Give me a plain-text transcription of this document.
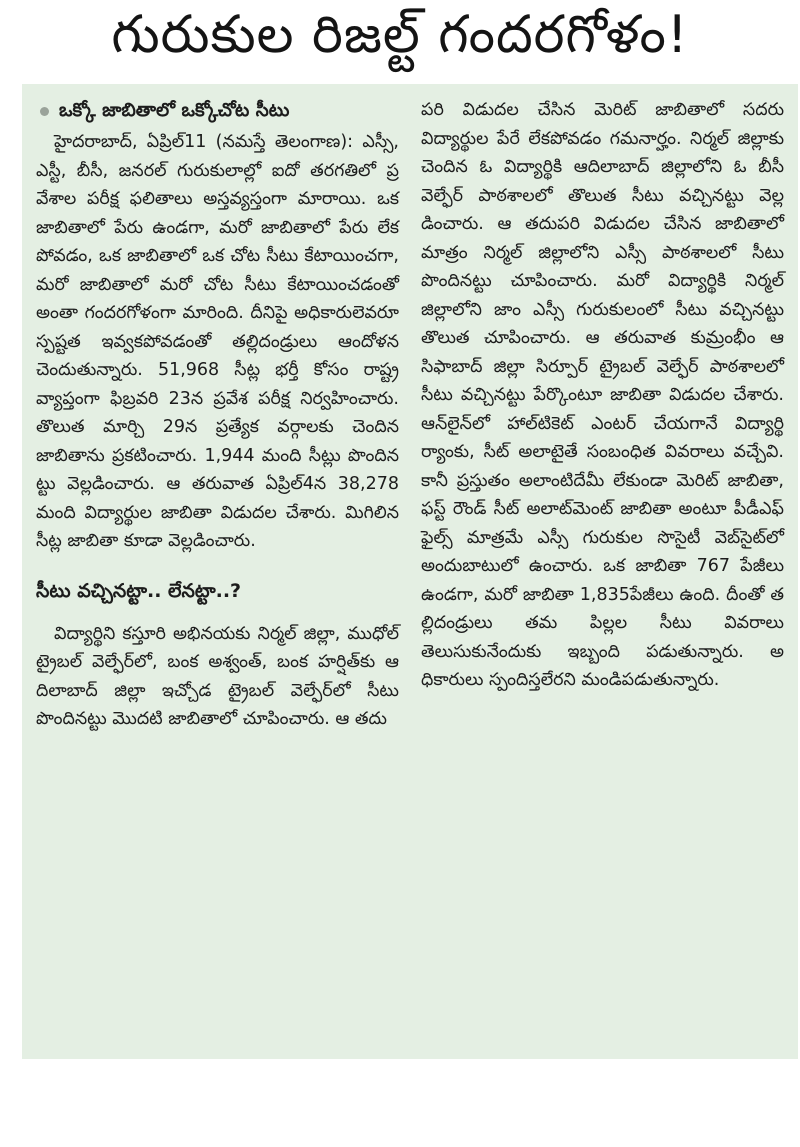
గురుకుల రిజల్ట్ గందరగోళం!
ఒక్కో జాబితాలో ఒక్కోచోట సీటు

హైదరాబాద్, ఏప్రిల్11 (నమస్తే తెలంగాణ): ఎస్సీ, ఎస్టీ, బీసీ, జనరల్ గురుకులాల్లో ఐదో తరగతిలో ప్రవేశాల పరీక్ష ఫలితాలు అస్తవ్యస్తంగా మారాయి. ఒక జాబితాలో పేరు ఉండగా, మరో జాబితాలో పేరు లేకపోవడం, ఒక జాబితాలో ఒక చోట సీటు కేటాయించగా, మరో జాబితాలో మరో చోట సీటు కేటాయించడంతో అంతా గందరగోళంగా మారింది. దీనిపై అధికారులెవరూ స్పష్టత ఇవ్వకపోవడంతో తల్లిదండ్రులు ఆందోళన చెందుతున్నారు. 51,968 సీట్ల భర్తీ కోసం రాష్ట్రవ్యాప్తంగా ఫిబ్రవరి 23న ప్రవేశ పరీక్ష నిర్వహించారు. తొలుత మార్చి 29న ప్రత్యేక వర్గాలకు చెందిన జాబితాను ప్రకటించారు. 1,944 మంది సీట్లు పొందినట్టు వెల్లడించారు. ఆ తరువాత ఏప్రిల్4న 38,278 మంది విద్యార్థుల జాబితా విడుదల చేశారు. మిగిలిన సీట్ల జాబితా కూడా వెల్లడించారు.

సీటు వచ్చినట్టా.. లేనట్టా..?

విద్యార్థిని కస్తూరి అభినయకు నిర్మల్ జిల్లా, ముధోల్ ట్రైబల్ వెల్ఫేర్‌లో, బంక అశ్వంత్, బంక హర్షిత్‌కు ఆదిలాబాద్ జిల్లా ఇచ్చోడ ట్రైబల్ వెల్ఫేర్‌లో సీటు పొందినట్టు మొదటి జాబితాలో చూపించారు. ఆ తదు

పరి విడుదల చేసిన మెరిట్ జాబితాలో సదరు విద్యార్థుల పేరే లేకపోవడం గమనార్హం. నిర్మల్ జిల్లాకు చెందిన ఓ విద్యార్థికి ఆదిలాబాద్ జిల్లాలోని ఓ బీసీ వెల్ఫేర్ పాఠశాలలో తొలుత సీటు వచ్చినట్టు వెల్లడించారు. ఆ తదుపరి విడుదల చేసిన జాబితాలో మాత్రం నిర్మల్ జిల్లాలోని ఎస్సీ పాఠశాలలో సీటు పొందినట్టు చూపించారు. మరో విద్యార్థికి నిర్మల్ జిల్లాలోని జాం ఎస్సీ గురుకులంలో సీటు వచ్చినట్టు తొలుత చూపించారు. ఆ తరువాత కుమ్రంభీం ఆసిఫాబాద్ జిల్లా సిర్పూర్ ట్రైబల్ వెల్ఫేర్ పాఠశాలలో సీటు వచ్చినట్టు పేర్కొంటూ జాబితా విడుదల చేశారు. ఆన్‌లైన్‌లో హాల్‌టికెట్ ఎంటర్ చేయగానే విద్యార్థి ర్యాంకు, సీట్ అలాటైతే సంబంధిత వివరాలు వచ్చేవి. కానీ ప్రస్తుతం అలాంటిదేమీ లేకుండా మెరిట్ జాబితా, ఫస్ట్ రౌండ్ సీట్ అలాట్‌మెంట్ జాబితా అంటూ పీడీఎఫ్ ఫైల్స్ మాత్రమే ఎస్సీ గురుకుల సొసైటీ వెబ్‌సైట్‌లో అందుబాటులో ఉంచారు. ఒక జాబితా 767 పేజీలు ఉండగా, మరో జాబితా 1,835పేజీలు ఉంది. దీంతో తల్లిదండ్రులు తమ పిల్లల సీటు వివరాలు తెలుసుకునేందుకు ఇబ్బంది పడుతున్నారు. అధికారులు స్పందిస్తలేరని మండిపడుతున్నారు.
